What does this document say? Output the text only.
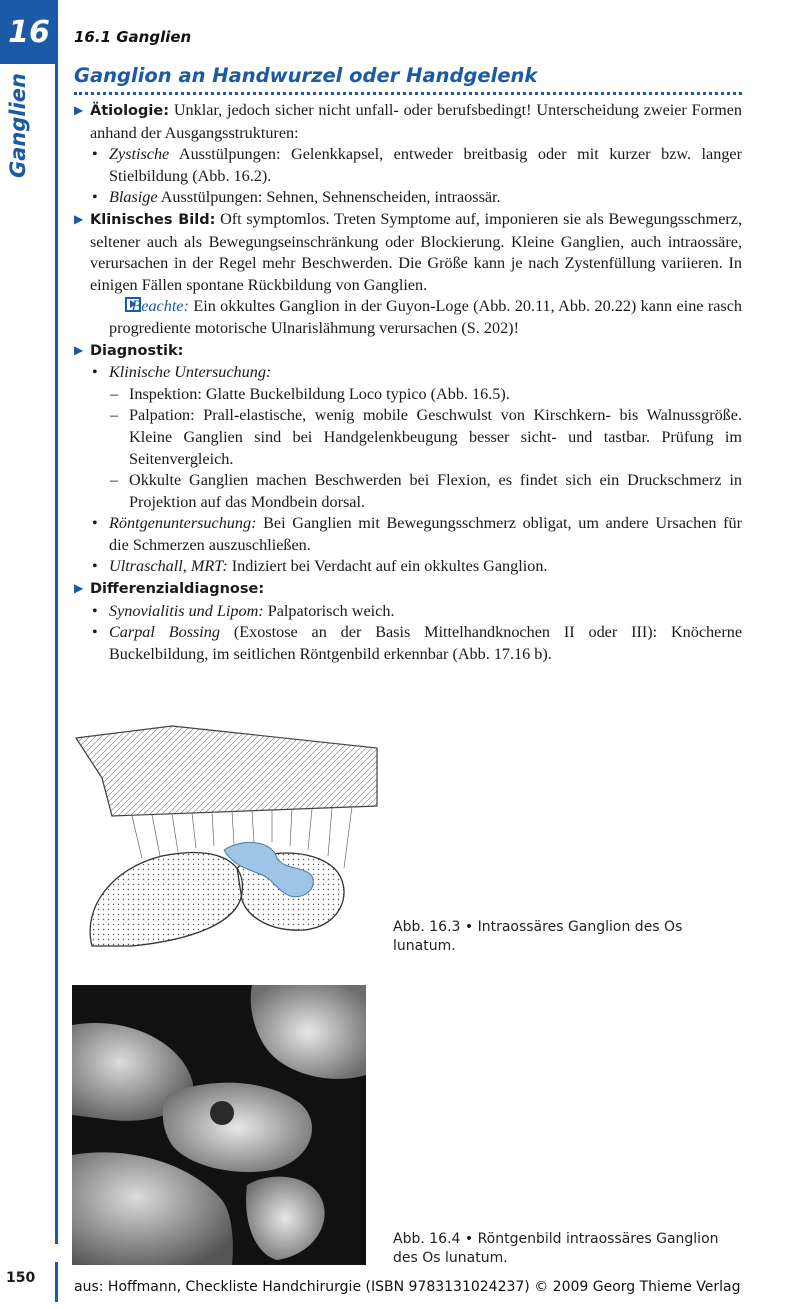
16
Ganglien
16.1 Ganglien
Ganglion an Handwurzel oder Handgelenk

▶ Ätiologie: Unklar, jedoch sicher nicht unfall- oder berufsbedingt! Unterscheidung zweier Formen anhand der Ausgangsstrukturen:

• Zystische Ausstülpungen: Gelenkkapsel, entweder breitbasig oder mit kurzer bzw. langer Stielbildung (Abb. 16.2).

• Blasige Ausstülpungen: Sehnen, Sehnenscheiden, intraossär.

▶ Klinisches Bild: Oft symptomlos. Treten Symptome auf, imponieren sie als Bewegungsschmerz, seltener auch als Bewegungseinschränkung oder Blockierung. Kleine Ganglien, auch intraossäre, verursachen in der Regel mehr Beschwerden. Die Größe kann je nach Zystenfüllung variieren. In einigen Fällen spontane Rückbildung von Ganglien.

Beachte: Ein okkultes Ganglion in der Guyon-Loge (Abb. 20.11, Abb. 20.22) kann eine rasch progrediente motorische Ulnarislähmung verursachen (S. 202)!

▶ Diagnostik:

• Klinische Untersuchung:

– Inspektion: Glatte Buckelbildung Loco typico (Abb. 16.5).

– Palpation: Prall-elastische, wenig mobile Geschwulst von Kirschkern- bis Walnussgröße. Kleine Ganglien sind bei Handgelenkbeugung besser sicht- und tastbar. Prüfung im Seitenvergleich.

– Okkulte Ganglien machen Beschwerden bei Flexion, es findet sich ein Druckschmerz in Projektion auf das Mondbein dorsal.

• Röntgenuntersuchung: Bei Ganglien mit Bewegungsschmerz obligat, um andere Ursachen für die Schmerzen auszuschließen.

• Ultraschall, MRT: Indiziert bei Verdacht auf ein okkultes Ganglion.

▶ Differenzialdiagnose:

• Synovialitis und Lipom: Palpatorisch weich.

• Carpal Bossing (Exostose an der Basis Mittelhandknochen II oder III): Knöcherne Buckelbildung, im seitlichen Röntgenbild erkennbar (Abb. 17.16 b).

Abb. 16.3 • Intraossäres Ganglion des Os lunatum.
Abb. 16.4 • Röntgenbild intraossäres Ganglion des Os lunatum.
150
aus: Hoffmann, Checkliste Handchirurgie (ISBN 9783131024237) © 2009 Georg Thieme Verlag
